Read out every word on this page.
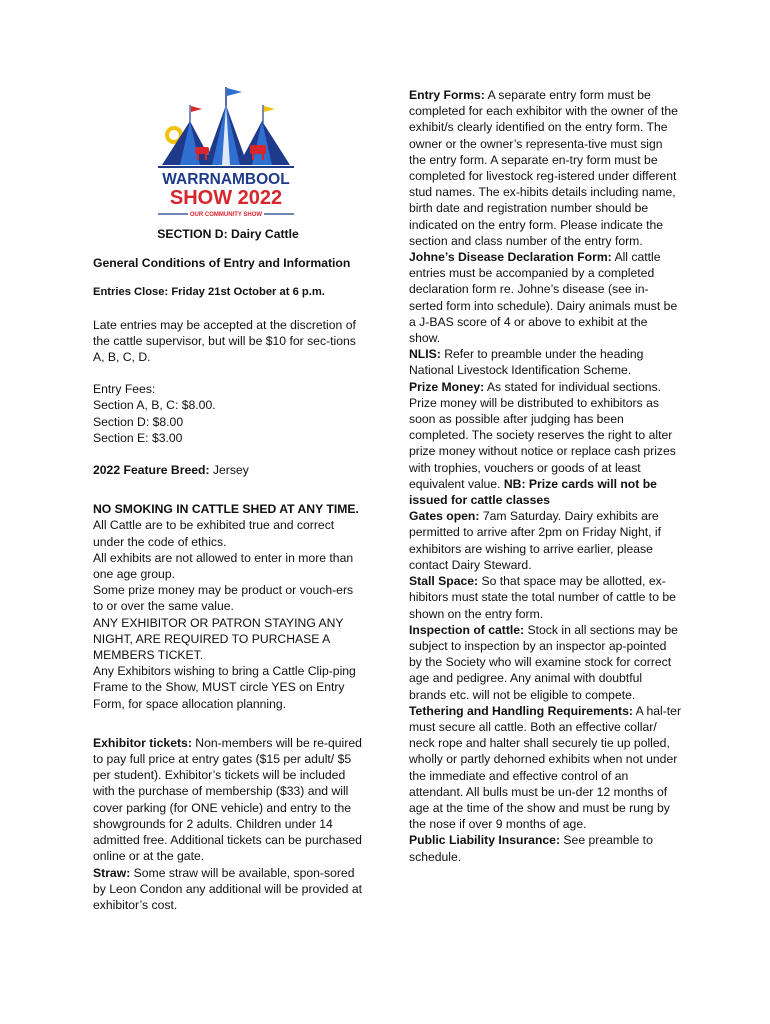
WARRNAMBOOL
SHOW 2022
OUR COMMUNITY SHOW

SECTION D: Dairy Cattle

General Conditions of Entry and Information

Entries Close: Friday 21st October at 6 p.m.

Late entries may be accepted at the discretion of the cattle supervisor, but will be $10 for sec-tions A, B, C, D.

Entry Fees:

Section A, B, C: $8.00.

Section D: $8.00

Section E: $3.00

2022 Feature Breed: Jersey

NO SMOKING IN CATTLE SHED AT ANY TIME.

All Cattle are to be exhibited true and correct under the code of ethics.

All exhibits are not allowed to enter in more than one age group.

Some prize money may be product or vouch-ers to or over the same value.

ANY EXHIBITOR OR PATRON STAYING ANY NIGHT, ARE REQUIRED TO PURCHASE A MEMBERS TICKET.

Any Exhibitors wishing to bring a Cattle Clip-ping Frame to the Show, MUST circle YES on Entry Form, for space allocation planning.

Exhibitor tickets: Non-members will be re-quired to pay full price at entry gates ($15 per adult/ $5 per student). Exhibitor’s tickets will be included with the purchase of membership ($33) and will cover parking (for ONE vehicle) and entry to the showgrounds for 2 adults. Children under 14 admitted free. Additional tickets can be purchased online or at the gate.

Straw: Some straw will be available, spon-sored by Leon Condon any additional will be provided at exhibitor’s cost.

Entry Forms: A separate entry form must be completed for each exhibitor with the owner of the exhibit/s clearly identified on the entry form. The owner or the owner’s representa-tive must sign the entry form. A separate en-try form must be completed for livestock reg-istered under different stud names. The ex-hibits details including name, birth date and registration number should be indicated on the entry form. Please indicate the section and class number of the entry form.

Johne’s Disease Declaration Form: All cattle entries must be accompanied by a completed declaration form re. Johne’s disease (see in-serted form into schedule). Dairy animals must be a J-BAS score of 4 or above to exhibit at the show.

NLIS: Refer to preamble under the heading National Livestock Identification Scheme.

Prize Money: As stated for individual sections. Prize money will be distributed to exhibitors as soon as possible after judging has been completed. The society reserves the right to alter prize money without notice or replace cash prizes with trophies, vouchers or goods of at least equivalent value. NB: Prize cards will not be issued for cattle classes

Gates open: 7am Saturday. Dairy exhibits are permitted to arrive after 2pm on Friday Night, if exhibitors are wishing to arrive earlier, please contact Dairy Steward.

Stall Space: So that space may be allotted, ex-hibitors must state the total number of cattle to be shown on the entry form.

Inspection of cattle: Stock in all sections may be subject to inspection by an inspector ap-pointed by the Society who will examine stock for correct age and pedigree. Any animal with doubtful brands etc. will not be eligible to compete.

Tethering and Handling Requirements: A hal-ter must secure all cattle. Both an effective collar/ neck rope and halter shall securely tie up polled, wholly or partly dehorned exhibits when not under the immediate and effective control of an attendant. All bulls must be un-der 12 months of age at the time of the show and must be rung by the nose if over 9 months of age.

Public Liability Insurance: See preamble to schedule.
